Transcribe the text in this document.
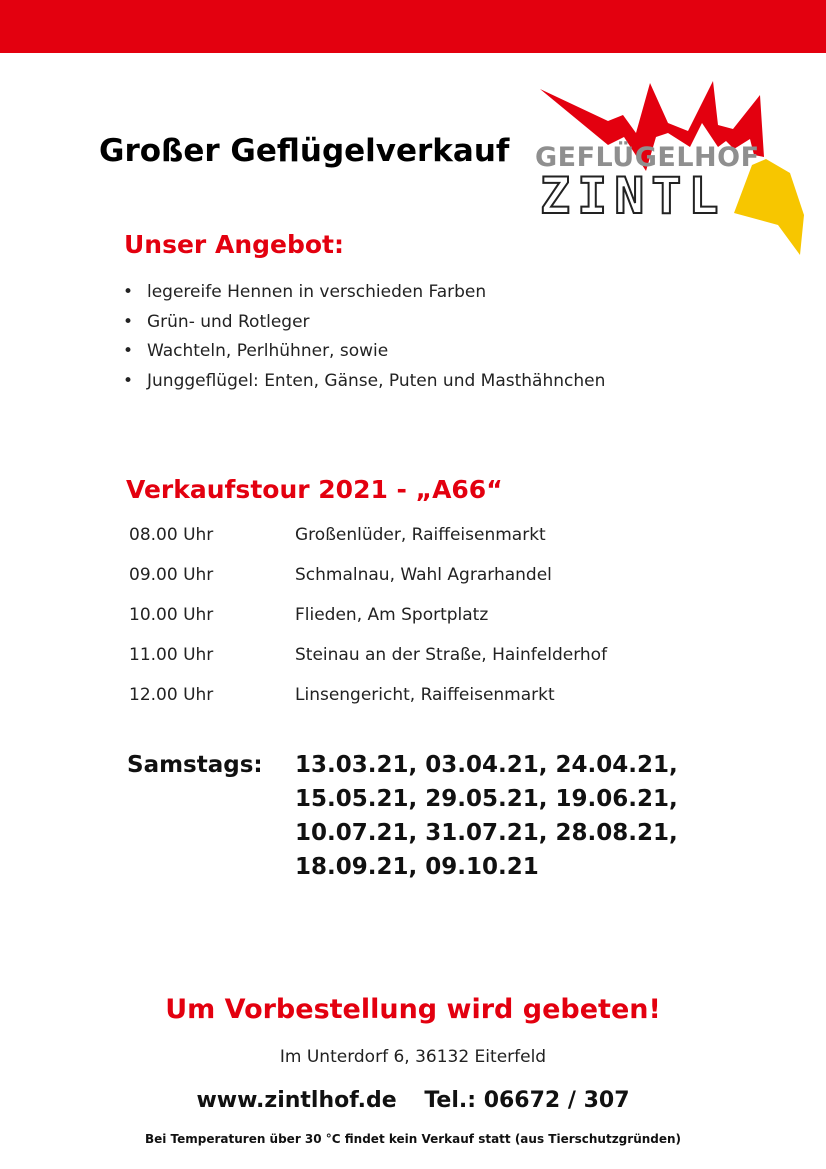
Großer Geflügelverkauf GEFLÜGELHOF
ZINTL
Unser Angebot:
• legereife Hennen in verschieden Farben
• Grün- und Rotleger
• Wachteln, Perlhühner, sowie
• Junggeflügel: Enten, Gänse, Puten und Masthähnchen
Verkaufstour 2021 - „A66“
08.00 Uhr	Großenlüder, Raiffeisenmarkt
09.00 Uhr	Schmalnau, Wahl Agrarhandel
10.00 Uhr	Flieden, Am Sportplatz
11.00 Uhr	Steinau an der Straße, Hainfelderhof
12.00 Uhr	Linsengericht, Raiffeisenmarkt
Samstags: 13.03.21, 03.04.21, 24.04.21,
15.05.21, 29.05.21, 19.06.21,
10.07.21, 31.07.21, 28.08.21,
18.09.21, 09.10.21
Um Vorbestellung wird gebeten!
Im Unterdorf 6, 36132 Eiterfeld
www.zintlhof.de Tel.: 06672 / 307
Bei Temperaturen über 30 °C findet kein Verkauf statt (aus Tierschutzgründen)
